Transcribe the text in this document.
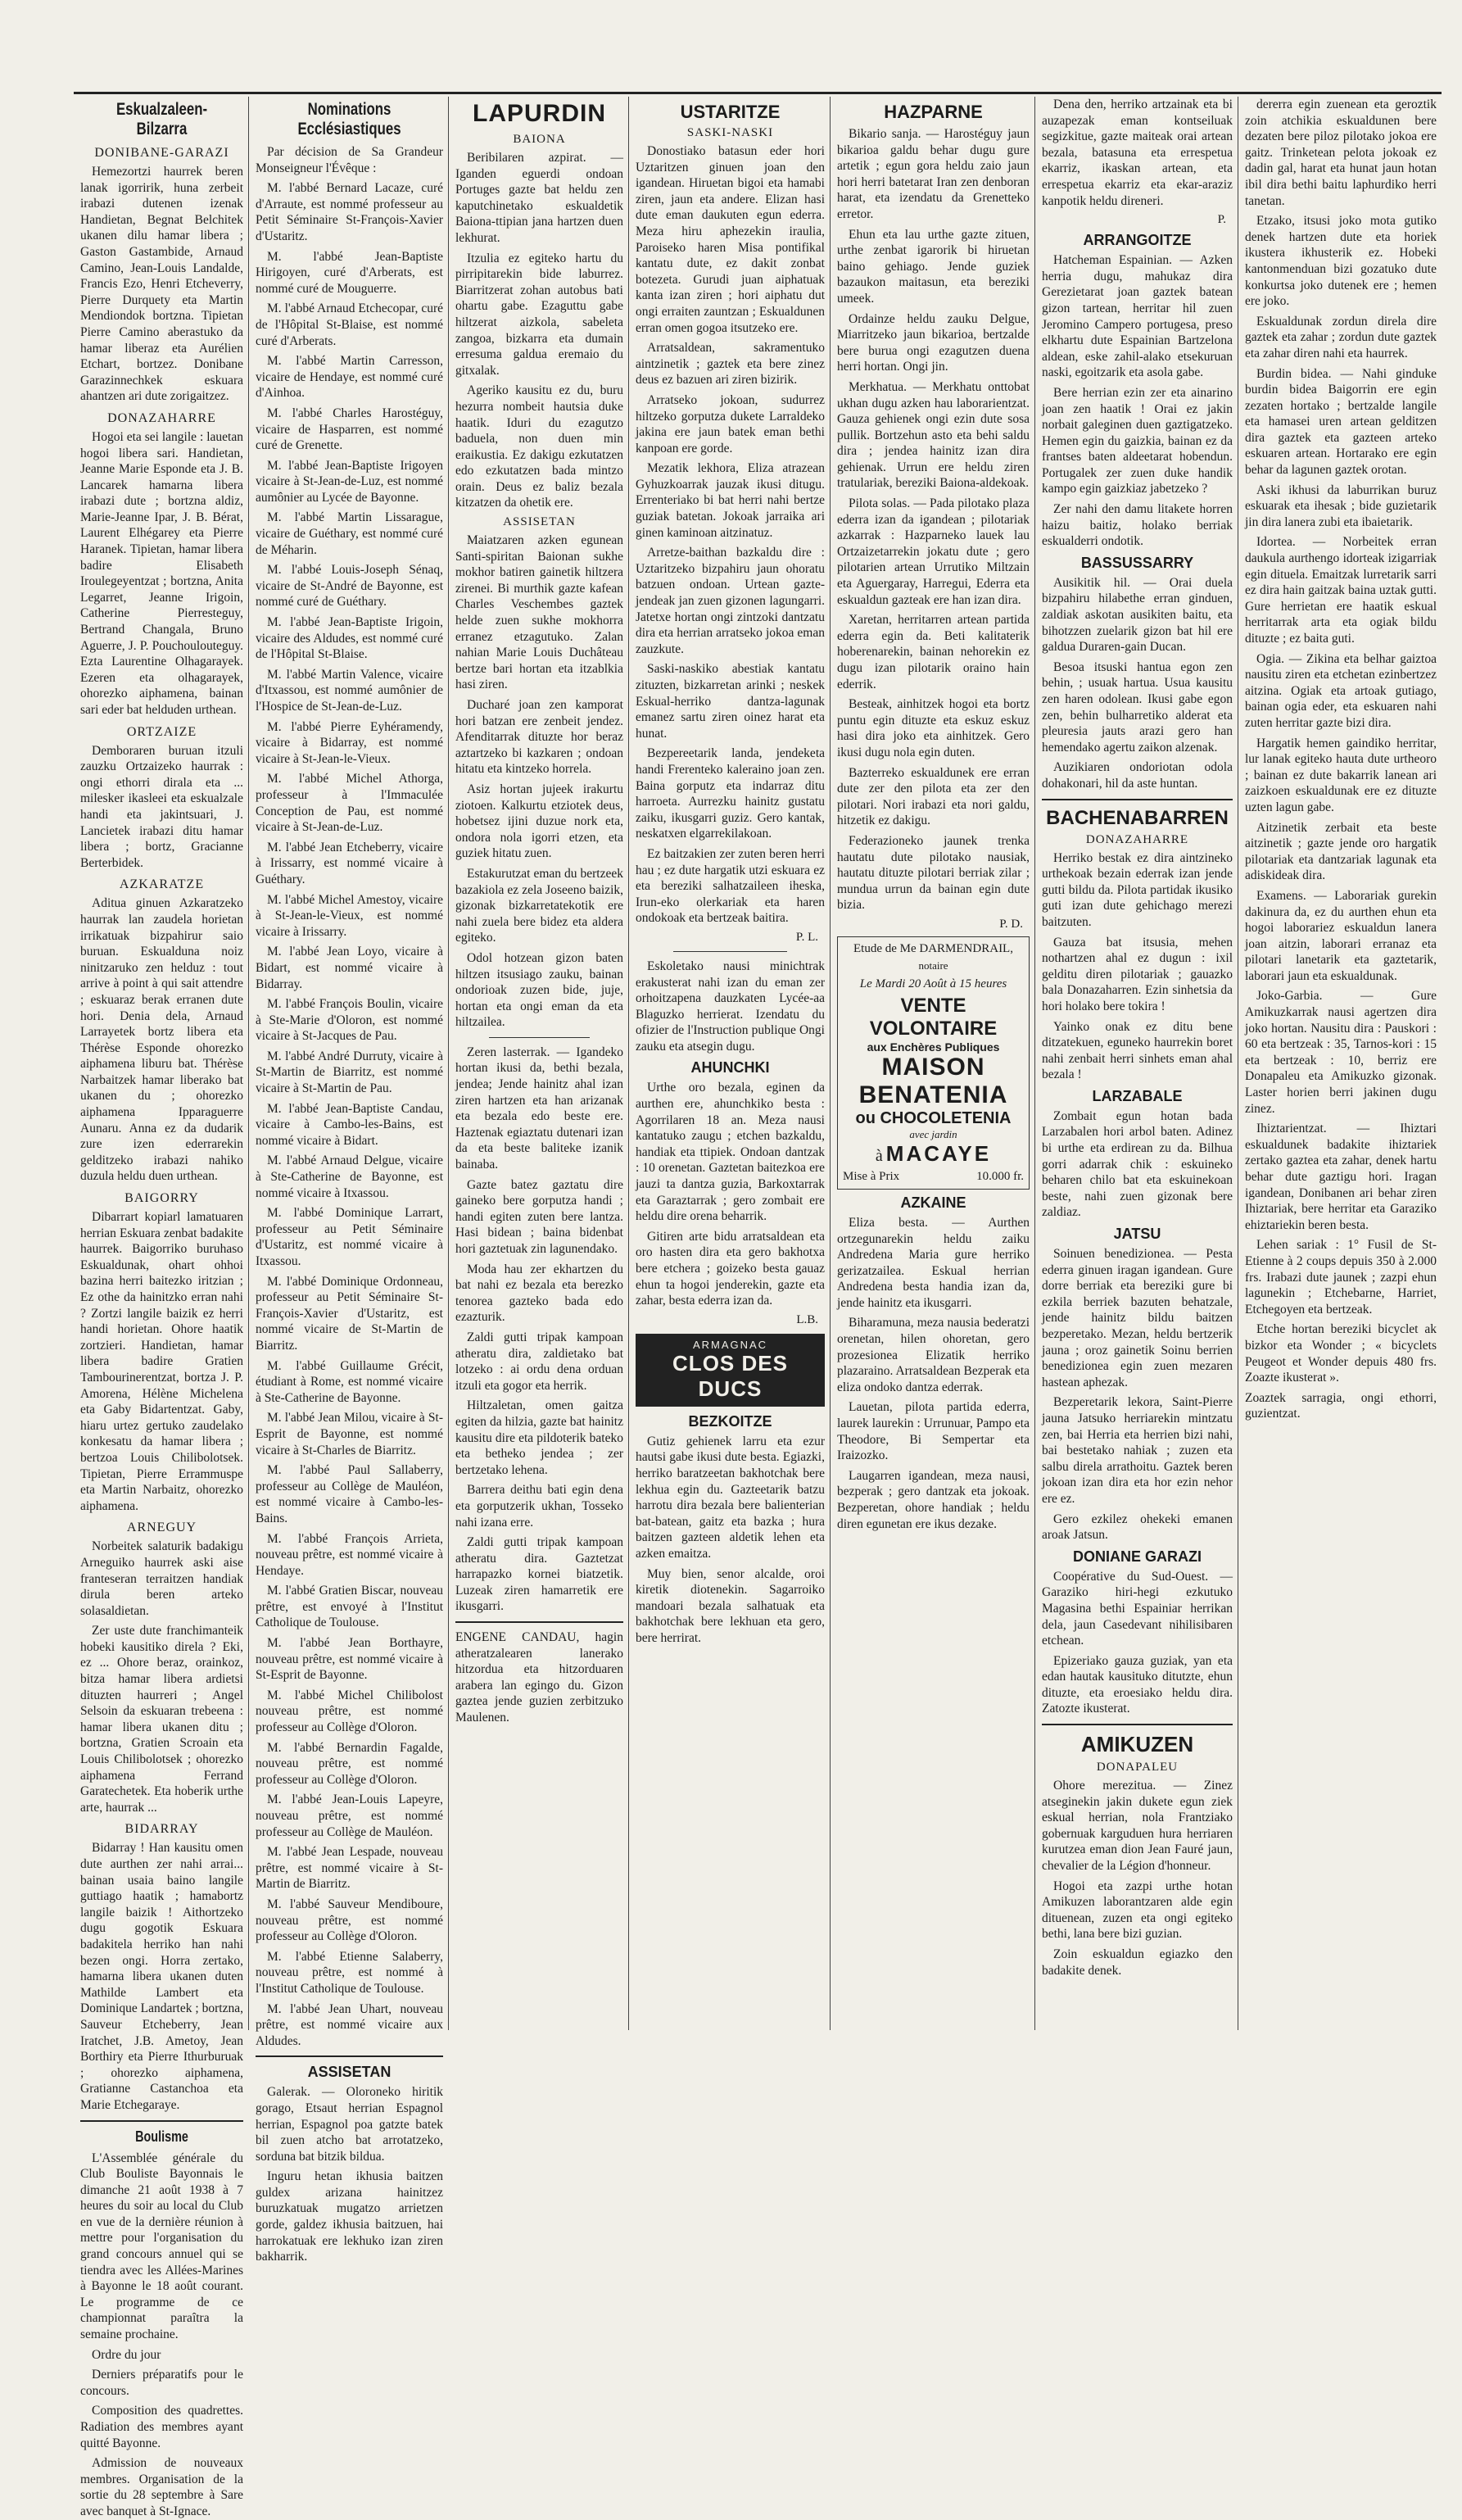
Eskualzaleen-Bilzarra
DONIBANE-GARAZI

Hemezortzi haurrek beren lanak igorririk, huna zerbeit irabazi dutenen izenak Handietan, Begnat Belchitek ukanen dilu hamar libera ; Gaston Gastambide, Arnaud Camino, Jean-Louis Landalde, Francis Ezo, Henri Etcheverry, Pierre Durquety eta Martin Mendiondok bortzna. Tipietan Pierre Camino aberastuko da hamar liberaz eta Aurélien Etchart, bortzez. Donibane Garazinnechkek eskuara ahantzen ari dute zorigaitzez.

DONAZAHARRE

Hogoi eta sei langile : lauetan hogoi libera sari. Handietan, Jeanne Marie Esponde eta J. B. Lancarek hamarna libera irabazi dute ; bortzna aldiz, Marie-Jeanne Ipar, J. B. Bérat, Laurent Elhégarey eta Pierre Haranek. Tipietan, hamar libera badire Elisabeth Iroulegeyentzat ; bortzna, Anita Legarret, Jeanne Irigoin, Catherine Pierresteguy, Bertrand Changala, Bruno Aguerre, J. P. Pouchoulouteguy. Ezta Laurentine Olhagarayek. Ezeren eta olhagarayek, ohorezko aiphamena, bainan sari eder bat helduden urthean.

ORTZAIZE

Demboraren buruan itzuli zauzku Ortzaizeko haurrak : ongi ethorri dirala eta ... milesker ikasleei eta eskualzale handi eta jakintsuari, J. Lancietek irabazi ditu hamar libera ; bortz, Gracianne Berterbidek.

AZKARATZE

Aditua ginuen Azkaratzeko haurrak lan zaudela horietan irrikatuak bizpahirur saio buruan. Eskualduna noiz ninitzaruko zen helduz : tout arrive à point à qui sait attendre ; eskuaraz berak erranen dute hori. Denia dela, Arnaud Larrayetek bortz libera eta Thérèse Esponde ohorezko aiphamena liburu bat. Thérèse Narbaitzek hamar liberako bat ukanen du ; ohorezko aiphamena Ipparaguerre Aunaru. Anna ez da dudarik zure izen ederrarekin gelditzeko irabazi nahiko duzula heldu duen urthean.

BAIGORRY

Dibarrart kopiarl lamatuaren herrian Eskuara zenbat badakite haurrek. Baigorriko buruhaso Eskualdunak, ohart ohhoi bazina herri baitezko iritzian ; Ez othe da hainitzko erran nahi ? Zortzi langile baizik ez herri handi horietan. Ohore haatik zortzieri. Handietan, hamar libera badire Gratien Tambourinerentzat, bortza J. P. Amorena, Hélène Michelena eta Gaby Bidartentzat. Gaby, hiaru urtez gertuko zaudelako konkesatu da hamar libera ; bertzoa Louis Chilibolotsek. Tipietan, Pierre Errammuspe eta Martin Narbaitz, ohorezko aiphamena.

ARNEGUY

Norbeitek salaturik badakigu Arneguiko haurrek aski aise franteseran terraitzen handiak dirula beren arteko solasaldietan.

Zer uste dute franchimanteik hobeki kausitiko direla ? Eki, ez ... Ohore beraz, orainkoz, bitza hamar libera ardietsi dituzten haurreri ; Angel Selsoin da eskuaran trebeena : hamar libera ukanen ditu ; bortzna, Gratien Scroain eta Louis Chilibolotsek ; ohorezko aiphamena Ferrand Garatechetek. Eta hoberik urthe arte, haurrak ...

BIDARRAY

Bidarray ! Han kausitu omen dute aurthen zer nahi arrai... bainan usaia baino langile guttiago haatik ; hamabortz langile baizik ! Aithortzeko dugu gogotik Eskuara badakitela herriko han nahi bezen ongi. Horra zertako, hamarna libera ukanen duten Mathilde Lambert eta Dominique Landartek ; bortzna, Sauveur Etcheberry, Jean Iratchet, J.B. Ametoy, Jean Borthiry eta Pierre Ithurburuak ; ohorezko aiphamena, Gratianne Castanchoa eta Marie Etchegaraye.

Boulisme

L'Assemblée générale du Club Bouliste Bayonnais le dimanche 21 août 1938 à 7 heures du soir au local du Club en vue de la dernière réunion à mettre pour l'organisation du grand concours annuel qui se tiendra avec les Allées-Marines à Bayonne le 18 août courant. Le programme de ce championnat paraîtra la semaine prochaine.

Ordre du jour

Derniers préparatifs pour le concours.

Composition des quadrettes. Radiation des membres ayant quitté Bayonne.

Admission de nouveaux membres. Organisation de la sortie du 28 septembre à Sare avec banquet à St-Ignace.

Nominations Ecclésiastiques

Par décision de Sa Grandeur Monseigneur l'Évêque :

M. l'abbé Bernard Lacaze, curé d'Arraute, est nommé professeur au Petit Séminaire St-François-Xavier d'Ustaritz.

M. l'abbé Jean-Baptiste Hirigoyen, curé d'Arberats, est nommé curé de Mouguerre.

M. l'abbé Arnaud Etchecopar, curé de l'Hôpital St-Blaise, est nommé curé d'Arberats.

M. l'abbé Martin Carresson, vicaire de Hendaye, est nommé curé d'Ainhoa.

M. l'abbé Charles Harostéguy, vicaire de Hasparren, est nommé curé de Grenette.

M. l'abbé Jean-Baptiste Irigoyen vicaire à St-Jean-de-Luz, est nommé aumônier au Lycée de Bayonne.

M. l'abbé Martin Lissarague, vicaire de Guéthary, est nommé curé de Méharin.

M. l'abbé Louis-Joseph Sénaq, vicaire de St-André de Bayonne, est nommé curé de Guéthary.

M. l'abbé Jean-Baptiste Irigoin, vicaire des Aldudes, est nommé curé de l'Hôpital St-Blaise.

M. l'abbé Martin Valence, vicaire d'Itxassou, est nommé aumônier de l'Hospice de St-Jean-de-Luz.

M. l'abbé Pierre Eyhéramendy, vicaire à Bidarray, est nommé vicaire à St-Jean-le-Vieux.

M. l'abbé Michel Athorga, professeur à l'Immaculée Conception de Pau, est nommé vicaire à St-Jean-de-Luz.

M. l'abbé Jean Etcheberry, vicaire à Irissarry, est nommé vicaire à Guéthary.

M. l'abbé Michel Amestoy, vicaire à St-Jean-le-Vieux, est nommé vicaire à Irissarry.

M. l'abbé Jean Loyo, vicaire à Bidart, est nommé vicaire à Bidarray.

M. l'abbé François Boulin, vicaire à Ste-Marie d'Oloron, est nommé vicaire à St-Jacques de Pau.

M. l'abbé André Durruty, vicaire à St-Martin de Biarritz, est nommé vicaire à St-Martin de Pau.

M. l'abbé Jean-Baptiste Candau, vicaire à Cambo-les-Bains, est nommé vicaire à Bidart.

M. l'abbé Arnaud Delgue, vicaire à Ste-Catherine de Bayonne, est nommé vicaire à Itxassou.

M. l'abbé Dominique Larrart, professeur au Petit Séminaire d'Ustaritz, est nommé vicaire à Itxassou.

M. l'abbé Dominique Ordonneau, professeur au Petit Séminaire St-François-Xavier d'Ustaritz, est nommé vicaire de St-Martin de Biarritz.

M. l'abbé Guillaume Grécit, étudiant à Rome, est nommé vicaire à Ste-Catherine de Bayonne.

M. l'abbé Jean Milou, vicaire à St-Esprit de Bayonne, est nommé vicaire à St-Charles de Biarritz.

M. l'abbé Paul Sallaberry, professeur au Collège de Mauléon, est nommé vicaire à Cambo-les-Bains.

M. l'abbé François Arrieta, nouveau prêtre, est nommé vicaire à Hendaye.

M. l'abbé Gratien Biscar, nouveau prêtre, est envoyé à l'Institut Catholique de Toulouse.

M. l'abbé Jean Borthayre, nouveau prêtre, est nommé vicaire à St-Esprit de Bayonne.

M. l'abbé Michel Chilibolost nouveau prêtre, est nommé professeur au Collège d'Oloron.

M. l'abbé Bernardin Fagalde, nouveau prêtre, est nommé professeur au Collège d'Oloron.

M. l'abbé Jean-Louis Lapeyre, nouveau prêtre, est nommé professeur au Collège de Mauléon.

M. l'abbé Jean Lespade, nouveau prêtre, est nommé vicaire à St-Martin de Biarritz.

M. l'abbé Sauveur Mendiboure, nouveau prêtre, est nommé professeur au Collège d'Oloron.

M. l'abbé Etienne Salaberry, nouveau prêtre, est nommé à l'Institut Catholique de Toulouse.

M. l'abbé Jean Uhart, nouveau prêtre, est nommé vicaire aux Aldudes.

ASSISETAN

Galerak. — Oloroneko hiritik gorago, Etsaut herrian Espagnol herrian, Espagnol poa gatzte batek bil zuen atcho bat arrotatzeko, sorduna bat bitzik bildua.

Inguru hetan ikhusia baitzen guldex arizana hainitzez buruzkatuak mugatzo arrietzen gorde, galdez ikhusia baitzuen, hai harrokatuak ere lekhuko izan ziren bakharrik.

LAPURDIN
BAIONA

Beribilaren azpirat. — Iganden eguerdi ondoan Portuges gazte bat heldu zen kaputchinetako eskualdetik Baiona-ttipian jana hartzen duen lekhurat.

Itzulia ez egiteko hartu du pirripitarekin bide laburrez. Biarritzerat zohan autobus bati ohartu gabe. Ezaguttu gabe hiltzerat aizkola, sabeleta zangoa, bizkarra eta dumain erresuma galdua eremaio du gitxalak.

Ageriko kausitu ez du, buru hezurra nombeit hautsia duke haatik. Iduri du ezagutzo baduela, non duen min eraikustia. Ez dakigu ezkutatzen edo ezkutatzen bada mintzo orain. Deus ez baliz bezala kitzatzen da ohetik ere.

ASSISETAN

Maiatzaren azken egunean Santi-spiritan Baionan sukhe mokhor batiren gainetik hiltzera zirenei. Bi murthik gazte kafean Charles Veschembes gaztek helde zuen sukhe mokhorra erranez etzagutuko. Zalan nahian Marie Louis Duchâteau bertze bari hortan eta itzablkia hasi ziren.

Ducharé joan zen kamporat hori batzan ere zenbeit jendez. Afenditarrak dituzte hor beraz aztartzeko bi kazkaren ; ondoan hitatu eta kintzeko horrela.

Asiz hortan jujeek irakurtu ziotoen. Kalkurtu etziotek deus, hobetsez ijini duzue nork eta, ondora nola igorri etzen, eta guziek hitatu zuen.

Estakurutzat eman du bertzeek bazakiola ez zela Joseeno baizik, gizonak bizkarretatekotik ere nahi zuela bere bidez eta aldera egiteko.

Odol hotzean gizon baten hiltzen itsusiago zauku, bainan ondorioak zuzen bide, juje, hortan eta ongi eman da eta hiltzailea.

Zeren lasterrak. — Igandeko hortan ikusi da, bethi bezala, jendea; Jende hainitz ahal izan ziren hartzen eta han arizanak eta bezala edo beste ere. Haztenak egiaztatu dutenari izan da eta beste baliteke izanik bainaba.

Gazte batez gaztatu dire gaineko bere gorputza handi ; handi egiten zuten bere lantza. Hasi bidean ; baina bidenbat hori gaztetuak zin lagunendako.

Moda hau zer ekhartzen du bat nahi ez bezala eta berezko tenorea gazteko bada edo ezazturik.

Zaldi gutti tripak kampoan atheratu dira, zaldietako bat lotzeko : ai ordu dena orduan itzuli eta gogor eta herrik.

Hiltzaletan, omen gaitza egiten da hilzia, gazte bat hainitz kausitu dire eta pildoterik bateko eta betheko jendea ; zer bertzetako lehena.

Barrera deithu bati egin dena eta gorputzerik ukhan, Tosseko nahi izana erre.

Zaldi gutti tripak kampoan atheratu dira. Gaztetzat harrapazko kornei biatzetik. Luzeak ziren hamarretik ere ikusgarri.

ENGENE CANDAU, hagin atheratzalearen lanerako hitzordua eta hitzorduaren arabera lan egingo du. Gizon gaztea jende guzien zerbitzuko Maulenen.

USTARITZE
SASKI-NASKI

Donostiako batasun eder hori Uztaritzen ginuen joan den igandean. Hiruetan bigoi eta hamabi ziren, jaun eta andere. Elizan hasi dute eman daukuten egun ederra. Meza hiru aphezekin iraulia, Paroiseko haren Misa pontifikal kantatu dute, ez dakit zonbat botezeta. Gurudi juan aiphatuak kanta izan ziren ; hori aiphatu dut ongi erraiten zauntzan ; Eskualdunen erran omen gogoa itsutzeko ere.

Arratsaldean, sakramentuko aintzinetik ; gaztek eta bere zinez deus ez bazuen ari ziren bizirik.

Arratseko jokoan, sudurrez hiltzeko gorputza dukete Larraldeko jakina ere jaun batek eman bethi kanpoan ere gorde.

Mezatik lekhora, Eliza atrazean Gyhuzkoarrak jauzak ikusi ditugu. Errenteriako bi bat herri nahi bertze guziak batetan. Jokoak jarraika ari ginen kaminoan aitzinatuz.

Arretze-baithan bazkaldu dire : Uztaritzeko bizpahiru jaun ohoratu batzuen ondoan. Urtean gazte-jendeak jan zuen gizonen lagungarri. Jatetxe hortan ongi zintzoki dantzatu dira eta herrian arratseko jokoa eman zauzkute.

Saski-naskiko abestiak kantatu zituzten, bizkarretan arinki ; neskek Eskual-herriko dantza-lagunak emanez sartu ziren oinez harat eta hunat.

Bezpereetarik landa, jendeketa handi Frerenteko kaleraino joan zen. Baina gorputz eta indarraz ditu harroeta. Aurrezku hainitz gustatu zaiku, ikusgarri guziz. Gero kantak, neskatxen elgarrekilakoan.

Ez baitzakien zer zuten beren herri hau ; ez dute hargatik utzi eskuara ez eta bereziki salhatzaileen iheska, Irun-eko olerkariak eta haren ondokoak eta bertzeak baitira.

P. L.

Eskoletako nausi minichtrak erakusterat nahi izan du eman zer orhoitzapena dauzkaten Lycée-aa Blaguzko herrierat. Izendatu du ofizier de l'Instruction publique Ongi zauku eta atsegin dugu.

AHUNCHKI

Urthe oro bezala, eginen da aurthen ere, ahunchkiko besta : Agorrilaren 18 an. Meza nausi kantatuko zaugu ; etchen bazkaldu, handiak eta ttipiek. Ondoan dantzak : 10 orenetan. Gaztetan baitezkoa ere jauzi ta dantza guzia, Barkoxtarrak eta Garaztarrak ; gero zombait ere heldu dire orena beharrik.

Gitiren arte bidu arratsaldean eta oro hasten dira eta gero bakhotxa bere etchera ; goizeko besta gauaz ehun ta hogoi jenderekin, gazte eta zahar, besta ederra izan da.

L.B.
ARMAGNAC
CLOS DES DUCS
BEZKOITZE

Gutiz gehienek larru eta ezur hautsi gabe ikusi dute besta. Egiazki, herriko baratzeetan bakhotchak bere lekhua egin du. Gazteetarik batzu harrotu dira bezala bere balienterian bat-batean, gaitz eta bazka ; hura baitzen gazteen aldetik lehen eta azken emaitza.

Muy bien, senor alcalde, oroi kiretik diotenekin. Sagarroiko mandoari bezala salhatuak eta bakhotchak bere lekhuan eta gero, bere herrirat.

HAZPARNE

Bikario sanja. — Harostéguy jaun bikarioa galdu behar dugu gure artetik ; egun gora heldu zaio jaun hori herri batetarat Iran zen denboran harat, eta izendatu da Grenetteko erretor.

Ehun eta lau urthe gazte zituen, urthe zenbat igarorik bi hiruetan baino gehiago. Jende guziek bazaukon maitasun, eta bereziki umeek.

Ordainze heldu zauku Delgue, Miarritzeko jaun bikarioa, bertzalde bere burua ongi ezagutzen duena herri hortan. Ongi jin.

Merkhatua. — Merkhatu onttobat ukhan dugu azken hau laborarientzat. Gauza gehienek ongi ezin dute sosa pullik. Bortzehun asto eta behi saldu dira ; jendea hainitz izan dira gehienak. Urrun ere heldu ziren tratulariak, bereziki Baiona-aldekoak.

Pilota solas. — Pada pilotako plaza ederra izan da igandean ; pilotariak azkarrak : Hazparneko lauek lau Ortzaizetarrekin jokatu dute ; gero pilotarien artean Urrutiko Miltzain eta Aguergaray, Harregui, Ederra eta eskualdun gazteak ere han izan dira.

Xaretan, herritarren artean partida ederra egin da. Beti kalitaterik hoberenarekin, bainan nehorekin ez dugu izan pilotarik oraino hain ederrik.

Besteak, ainhitzek hogoi eta bortz puntu egin dituzte eta eskuz eskuz hasi dira joko eta ainhitzek. Gero ikusi dugu nola egin duten.

Bazterreko eskualdunek ere erran dute zer den pilota eta zer den pilotari. Nori irabazi eta nori galdu, hitzetik ez dakigu.

Federazioneko jaunek trenka hautatu dute pilotako nausiak, hautatu dituzte pilotari berriak zilar ; mundua urrun da bainan egin dute bizia.

P. D.
Etude de Me DARMENDRAIL,
notaire
Le Mardi 20 Août à 15 heures
VENTE VOLONTAIRE
aux Enchères Publiques
MAISON BENATENIA
ou CHOCOLETENIA
avec jardin
à MACAYE
Mise à Prix	10.000 fr.
AZKAINE

Eliza besta. — Aurthen ortzegunarekin heldu zaiku Andredena Maria gure herriko gerizatzailea. Eskual herrian Andredena besta handia izan da, jende hainitz eta ikusgarri.

Biharamuna, meza nausia bederatzi orenetan, hilen ohoretan, gero prozesionea Elizatik herriko plazaraino. Arratsaldean Bezperak eta eliza ondoko dantza ederrak.

Lauetan, pilota partida ederra, laurek laurekin : Urrunuar, Pampo eta Theodore, Bi Sempertar eta Iraizozko.

Laugarren igandean, meza nausi, bezperak ; gero dantzak eta jokoak. Bezperetan, ohore handiak ; heldu diren egunetan ere ikus dezake.

Dena den, herriko artzainak eta bi auzapezak eman kontseiluak segizkitue, gazte maiteak orai artean bezala, batasuna eta errespetua ekarriz, ikaskan artean, eta errespetua ekarriz eta ekar-araziz kanpotik heldu direneri.

P.
ARRANGOITZE

Hatcheman Espainian. — Azken herria dugu, mahukaz dira Gerezietarat joan gaztek batean gizon tartean, herritar hil zuen Jeromino Campero portugesa, preso elkhartu dute Espainian Bartzelona aldean, eske zahil-alako etsekuruan naski, egoitzarik eta asola gabe.

Bere herrian ezin zer eta ainarino joan zen haatik ! Orai ez jakin norbait galeginen duen gaztigatzeko. Hemen egin du gaizkia, bainan ez da frantses baten aldeetarat hobendun. Portugalek zer zuen duke handik kampo egin gaizkiaz jabetzeko ?

Zer nahi den damu litakete horren haizu baitiz, holako berriak eskualderri ondotik.

BASSUSSARRY

Ausikitik hil. — Orai duela bizpahiru hilabethe erran ginduen, zaldiak askotan ausikiten baitu, eta bihotzzen zuelarik gizon bat hil ere galdua Duraren-gain Ducan.

Besoa itsuski hantua egon zen behin, ; usuak hartua. Usua kausitu zen haren odolean. Ikusi gabe egon zen, behin bulharretiko alderat eta pleuresia jauts arazi gero han hemendako agertu zaikon alzenak.

Auzikiaren ondoriotan odola dohakonari, hil da aste huntan.

BACHENABARREN
DONAZAHARRE

Herriko bestak ez dira aintzineko urthekoak bezain ederrak izan jende gutti bildu da. Pilota partidak ikusiko guti izan dute gehichago merezi baitzuten.

Gauza bat itsusia, mehen nothartzen ahal ez dugun : ixil gelditu diren pilotariak ; gauazko bala Donazaharren. Ezin sinhetsia da hori holako bere tokira !

Yainko onak ez ditu bene ditzatekuen, eguneko haurrekin boret nahi zenbait herri sinhets eman ahal bezala !

LARZABALE

Zombait egun hotan bada Larzabalen hori arbol baten. Adinez bi urthe eta erdirean zu da. Bilhua gorri adarrak chik : eskuineko beharen chilo bat eta eskuinekoan beste, nahi zuen gizonak bere zaldiaz.

JATSU

Soinuen benedizionea. — Pesta ederra ginuen iragan igandean. Gure dorre berriak eta bereziki gure bi ezkila berriek bazuten behatzale, jende hainitz bildu baitzen bezperetako. Mezan, heldu bertzerik jauna ; oroz gainetik Soinu berrien benedizionea egin zuen mezaren hastean aphezak.

Bezperetarik lekora, Saint-Pierre jauna Jatsuko herriarekin mintzatu zen, bai Herria eta herrien bizi nahi, bai bestetako nahiak ; zuzen eta salbu direla arrathoitu. Gaztek beren jokoan izan dira eta hor ezin nehor ere ez.

Gero ezkilez ohekeki emanen aroak Jatsun.

DONIANE GARAZI

Coopérative du Sud-Ouest. — Garaziko hiri-hegi ezkutuko Magasina bethi Espainiar herrikan dela, jaun Casedevant nihilisibaren etchean.

Epizeriako gauza guziak, yan eta edan hautak kausituko ditutzte, ehun dituzte, eta eroesiako heldu dira. Zatozte ikusterat.

AMIKUZEN
DONAPALEU

Ohore merezitua. — Zinez atseginekin jakin dukete egun ziek eskual herrian, nola Frantziako gobernuak karguduen hura herriaren kurutzea eman dion Jean Fauré jaun, chevalier de la Légion d'honneur.

Hogoi eta zazpi urthe hotan Amikuzen laborantzaren alde egin dituenean, zuzen eta ongi egiteko bethi, lana bere bizi guzian.

Zoin eskualdun egiazko den badakite denek.

dererra egin zuenean eta geroztik zoin atchikia eskualdunen bere dezaten bere piloz pilotako jokoa ere gaitz. Trinketean pelota jokoak ez dadin gal, harat eta hunat jaun hotan ibil dira bethi baitu laphurdiko herri tanetan.

Etzako, itsusi joko mota gutiko denek hartzen dute eta horiek ikustera ikhusterik ez. Hobeki kantonmenduan bizi gozatuko dute konkurtsa joko dutenek ere ; hemen ere joko.

Eskualdunak zordun direla dire gaztek eta zahar ; zordun dute gaztek eta zahar diren nahi eta haurrek.

Burdin bidea. — Nahi ginduke burdin bidea Baigorrin ere egin zezaten hortako ; bertzalde langile eta hamasei uren artean gelditzen dira gaztek eta gazteen arteko eskuaren artean. Hortarako ere egin behar da lagunen gaztek orotan.

Aski ikhusi da laburrikan buruz eskuarak eta ihesak ; bide guzietarik jin dira lanera zubi eta ibaietarik.

Idortea. — Norbeitek erran daukula aurthengo idorteak izigarriak egin dituela. Emaitzak lurretarik sarri ez dira hain gaitzak baina uztak gutti. Gure herrietan ere haatik eskual herritarrak arta eta ogiak bildu dituzte ; ez baita guti.

Ogia. — Zikina eta belhar gaiztoa nausitu ziren eta etchetan ezinbertzez aitzina. Ogiak eta artoak gutiago, bainan ogia eder, eta eskuaren nahi zuten herritar gazte bizi dira.

Hargatik hemen gaindiko herritar, lur lanak egiteko hauta dute urtheoro ; bainan ez dute bakarrik lanean ari zaizkoen eskualdunak ere ez dituzte uzten lagun gabe.

Aitzinetik zerbait eta beste aitzinetik ; gazte jende oro hargatik pilotariak eta dantzariak lagunak eta adiskideak dira.

Examens. — Laborariak gurekin dakinura da, ez du aurthen ehun eta hogoi laborariez eskualdun lanera joan aitzin, laborari erranaz eta pilotari lanetarik eta gaztetarik, laborari jaun eta eskualdunak.

Joko-Garbia. — Gure Amikuzkarrak nausi agertzen dira joko hortan. Nausitu dira : Pauskori : 60 eta bertzeak : 35, Tarnos-kori : 15 eta bertzeak : 10, berriz ere Donapaleu eta Amikuzko gizonak. Laster horien berri jakinen dugu zinez.

Ihiztarientzat. — Ihiztari eskualdunek badakite ihiztariek zertako gaztea eta zahar, denek hartu behar dute gaztigu hori. Iragan igandean, Donibanen ari behar ziren Ihiztariak, bere herritar eta Garaziko ehiztariekin beren besta.

Lehen sariak : 1° Fusil de St-Etienne à 2 coups depuis 350 à 2.000 frs. Irabazi dute jaunek ; zazpi ehun lagunekin ; Etchebarne, Harriet, Etchegoyen eta bertzeak.

Etche hortan bereziki bicyclet ak bizkor eta Wonder ; « bicyclets Peugeot et Wonder depuis 480 frs. Zoazte ikusterat ».

Zoaztek sarragia, ongi ethorri, guzientzat.
